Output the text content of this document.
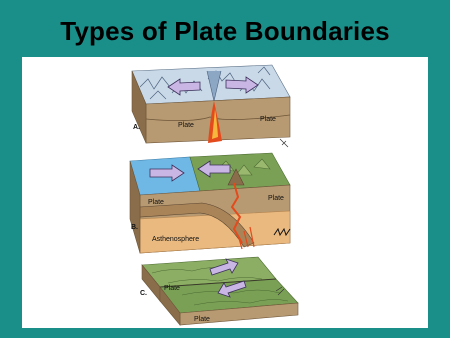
Types of Plate Boundaries
Plate
Plate
A.
Plate
Plate
Asthenosphere
B.
Plate
Plate
C.
